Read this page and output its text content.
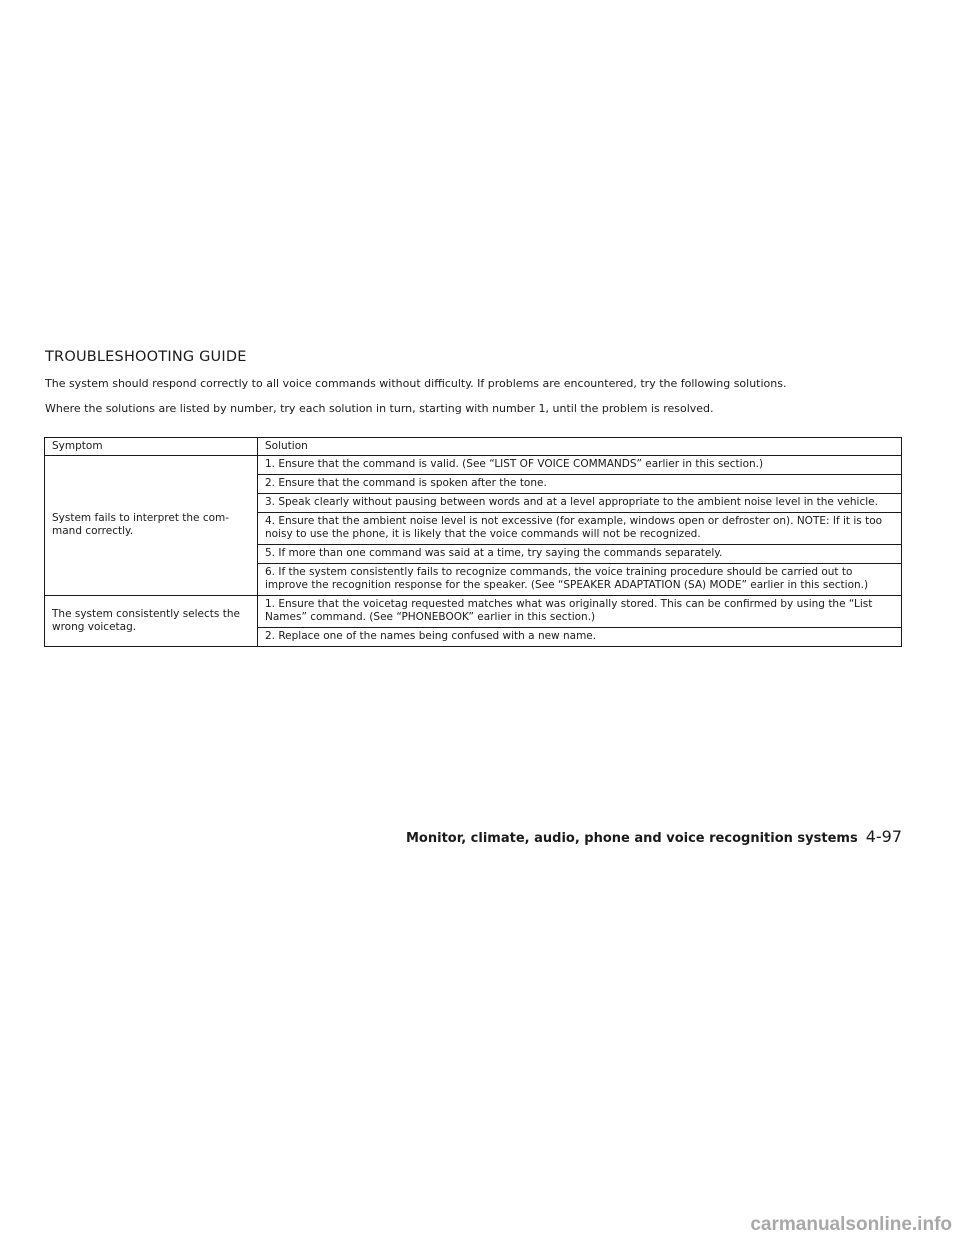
TROUBLESHOOTING GUIDE

The system should respond correctly to all voice commands without difficulty. If problems are encountered, try the following solutions.

Where the solutions are listed by number, try each solution in turn, starting with number 1, until the problem is resolved.

Symptom	Solution
System fails to interpret the com- mand correctly.	1. Ensure that the command is valid. (See “LIST OF VOICE COMMANDS” earlier in this section.)
	2. Ensure that the command is spoken after the tone.
	3. Speak clearly without pausing between words and at a level appropriate to the ambient noise level in the vehicle.
	4. Ensure that the ambient noise level is not excessive (for example, windows open or defroster on). NOTE: If it is too noisy to use the phone, it is likely that the voice commands will not be recognized.
	5. If more than one command was said at a time, try saying the commands separately.
	6. If the system consistently fails to recognize commands, the voice training procedure should be carried out to improve the recognition response for the speaker. (See “SPEAKER ADAPTATION (SA) MODE” earlier in this section.)
The system consistently selects the wrong voicetag.	1. Ensure that the voicetag requested matches what was originally stored. This can be confirmed by using the “List Names” command. (See “PHONEBOOK” earlier in this section.)
	2. Replace one of the names being confused with a new name.
Monitor, climate, audio, phone and voice recognition systems 4-97
carmanualsonline.info
